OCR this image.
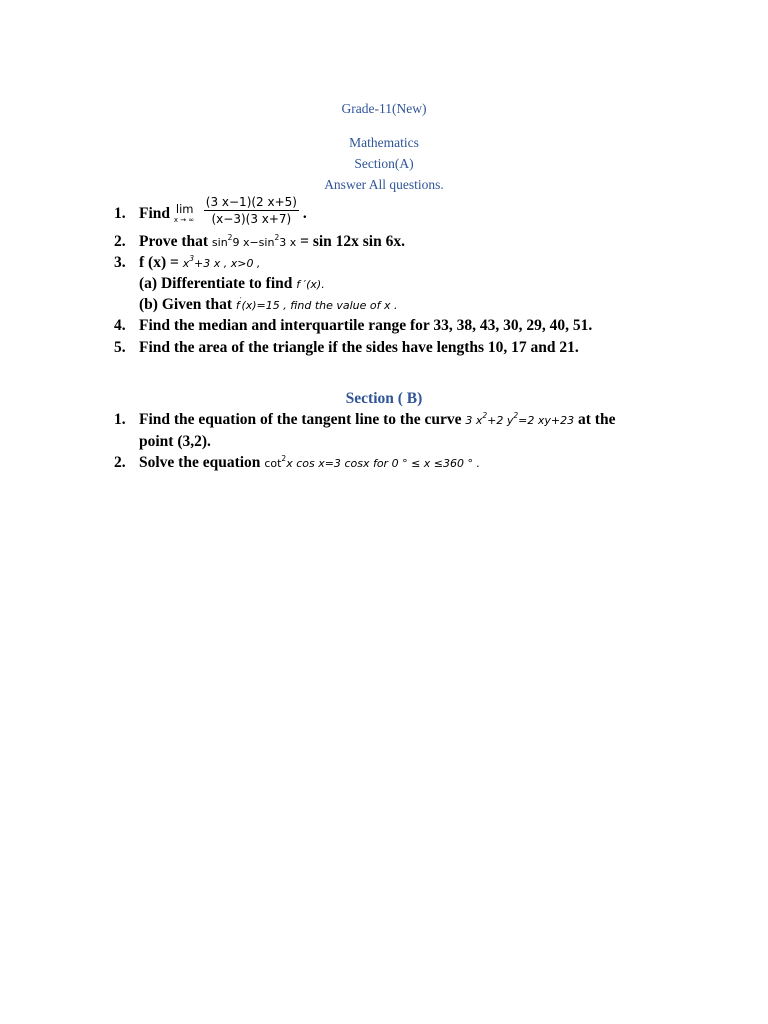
Grade-11(New)
Mathematics
Section(A)
Answer All questions.
1. Find lim
x → ∞
$\frac{(3 x-1)(2 x+5)}{(x-3)(3 x+7)}$ .
2. Prove that $\sin^29$ $x-\sin^23$ x = sin 12x sin 6x.
3. f $(x) = x^3+3$ x , x>0 ,
(a) Differentiate to find f ′(x).
(b) Given that f′(x)=15 , find the value of x .
4. Find the median and interquartile range for 33, 38, 43, 30, 29, 40, 51.
5. Find the area of the triangle if the sides have lengths 10, 17 and 21.
Section ( B)
1. Find the equation of the tangent line to the curve 3 $x^2+2$ $y^2=2$ xy+23 at the
point (3,2).
2. Solve the equation $\cot^2x$ cos x=3 cosx for 0 ° ≤ x ≤360 ° .
